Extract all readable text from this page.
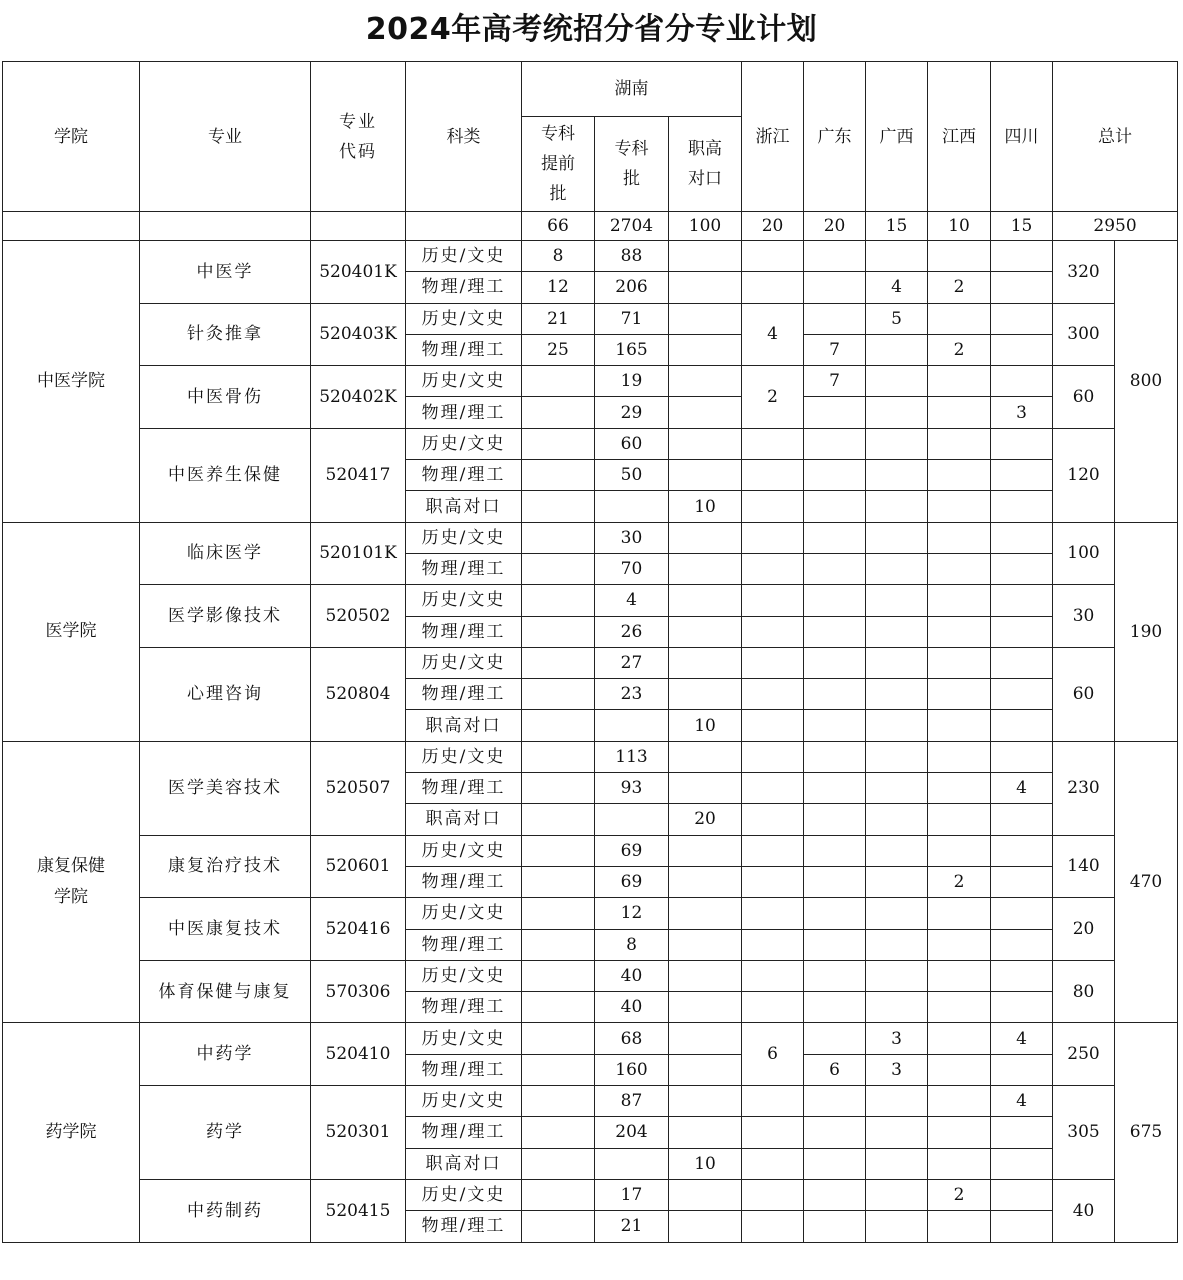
2024年高考统招分省分专业计划
学院	专业	专业代码	科类	湖南			浙江	广东	广西	江西	四川	总计	

				专科提前批	专科批	职高对口							

				66	2704	100	20	20	15	10	15	2950	

中医学院	中医学	520401K	历史/文史	8	88							320	800
			物理/理工	12	206				4	2			
	针灸推拿	520403K	历史/文史	21	71		4		5			300	
			物理/理工	25	165			7		2			
	中医骨伤	520402K	历史/文史		19		2	7				60	
			物理/理工		29						3		
	中医养生保健	520417	历史/文史		60							120	
			物理/理工		50								
			职高对口			10							

医学院	临床医学	520101K	历史/文史		30							100	190
			物理/理工		70								
	医学影像技术	520502	历史/文史		4							30	
			物理/理工		26								
	心理咨询	520804	历史/文史		27							60	
			物理/理工		23								
			职高对口			10							

康复保健学院	医学美容技术	520507	历史/文史		113							230	470
			物理/理工		93						4		
			职高对口			20							
	康复治疗技术	520601	历史/文史		69							140	
			物理/理工		69					2			
	中医康复技术	520416	历史/文史		12							20	
			物理/理工		8								
	体育保健与康复	570306	历史/文史		40							80	
			物理/理工		40								

药学院	中药学	520410	历史/文史		68		6		3		4	250	675
			物理/理工		160			6	3				
	药学	520301	历史/文史		87						4	305	
			物理/理工		204								
			职高对口			10							
	中药制药	520415	历史/文史		17					2		40	
			物理/理工		21								
